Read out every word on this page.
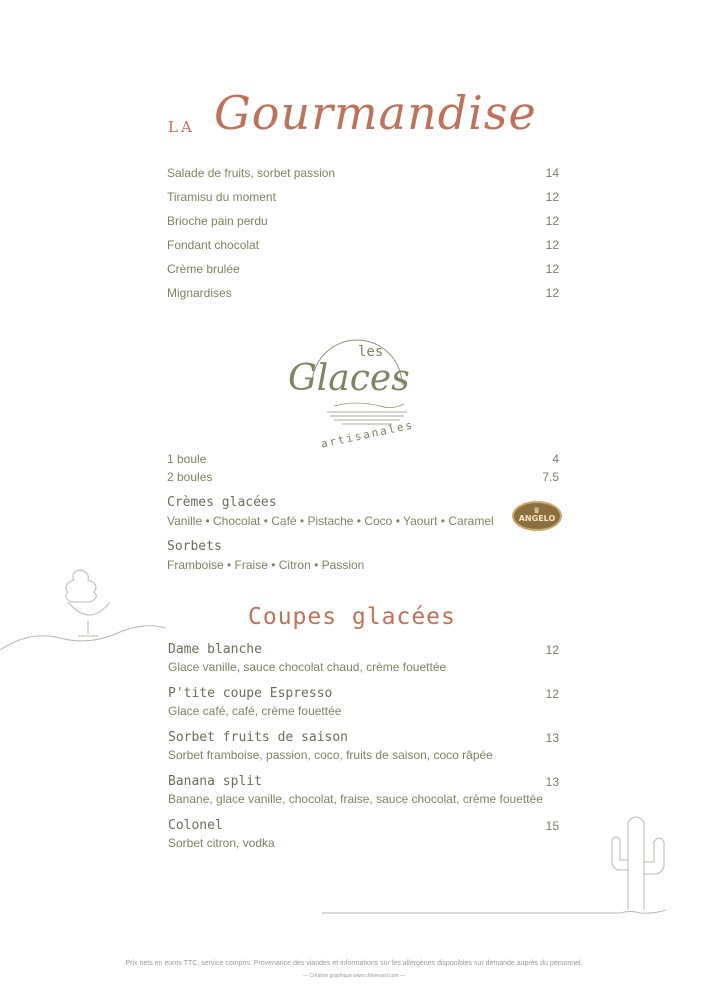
LA Gourmandise
Salade de fruits, sorbet passion	14
Tiramisu du moment	12
Brioche pain perdu	12
Fondant chocolat	12
Crème brulée	12
Mignardises	12
les
Glaces
artisanales
1 boule	4
2 boules	7.5
Crèmes glacées
Vanille • Chocolat • Café • Pistache • Coco • Yaourt • Caramel
♛
ANGELO
Sorbets
Framboise • Fraise • Citron • Passion
Coupes glacées
Dame blanche	12
Glace vanille, sauce chocolat chaud, crème fouettée
P'tite coupe Espresso	12
Glace café, café, crème fouettée
Sorbet fruits de saison	13
Sorbet framboise, passion, coco, fruits de saison, coco râpée
Banana split	13
Banane, glace vanille, chocolat, fraise, sauce chocolat, crème fouettée
Colonel	15
Sorbet citron, vodka
Prix nets en euros TTC, service compris. Provenance des viandes et informations sur les allergènes disponibles sur demande auprès du personnel.
— Création graphique www.chloerossi.com —
